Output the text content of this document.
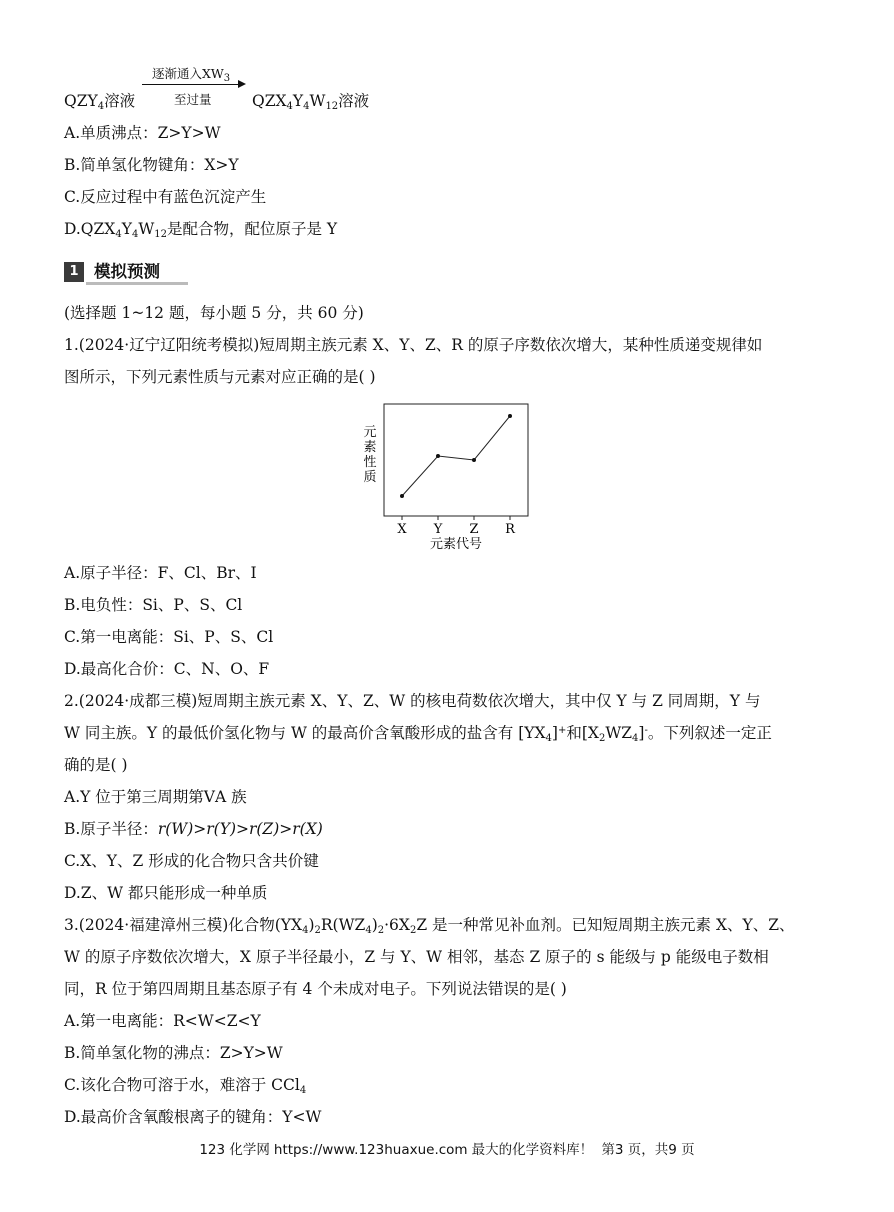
$QZY_4$溶液
逐渐通入$XW_3$
至过量	$QZX_4Y_4W_{12}$溶液
A.单质沸点：Z>Y>W
B.简单氢化物键角：X>Y
C.反应过程中有蓝色沉淀产生
$D.QZX_4Y_4W_{12}$是配合物，配位原子是 Y
1 模拟预测
(选择题 1~12 题，每小题 5 分，共 60 分)
1.(2024·辽宁辽阳统考模拟)短周期主族元素 X、Y、Z、R 的原子序数依次增大，某种性质递变规律如
图所示，下列元素性质与元素对应正确的是( )
元素性质
X Y Z R
元素代号
A.原子半径：F、Cl、Br、I
B.电负性：Si、P、S、Cl
C.第一电离能：Si、P、S、Cl
D.最高化合价：C、N、O、F
2.(2024·成都三模)短周期主族元素 X、Y、Z、W 的核电荷数依次增大，其中仅 Y 与 Z 同周期，Y 与
W 同主族。Y 的最低价氢化物与 W 的最高价含氧酸形成的盐含有 $[YX_4]^+$和$[X_2WZ_4]^-$。下列叙述一定正
确的是( )
A.Y 位于第三周期第ⅤA 族
B.原子半径：r(W)>r(Y)>r(Z)>r(X)
C.X、Y、Z 形成的化合物只含共价键
D.Z、W 都只能形成一种单质
3.(2024·福建漳州三模)化合物$(YX_4)_2R(WZ_4)_2\cdot 6X_2Z$ 是一种常见补血剂。已知短周期主族元素 X、Y、Z、
W 的原子序数依次增大，X 原子半径最小，Z 与 Y、W 相邻，基态 Z 原子的 s 能级与 p 能级电子数相
同，R 位于第四周期且基态原子有 4 个未成对电子。下列说法错误的是( )
A.第一电离能：R<W<Z<Y
B.简单氢化物的沸点：Z>Y>W
C.该化合物可溶于水，难溶于 CCl$_4$
D.最高价含氧酸根离子的键角：Y<W
123 化学网 https://www.123huaxue.com 最大的化学资料库！ 第3 页，共9 页
